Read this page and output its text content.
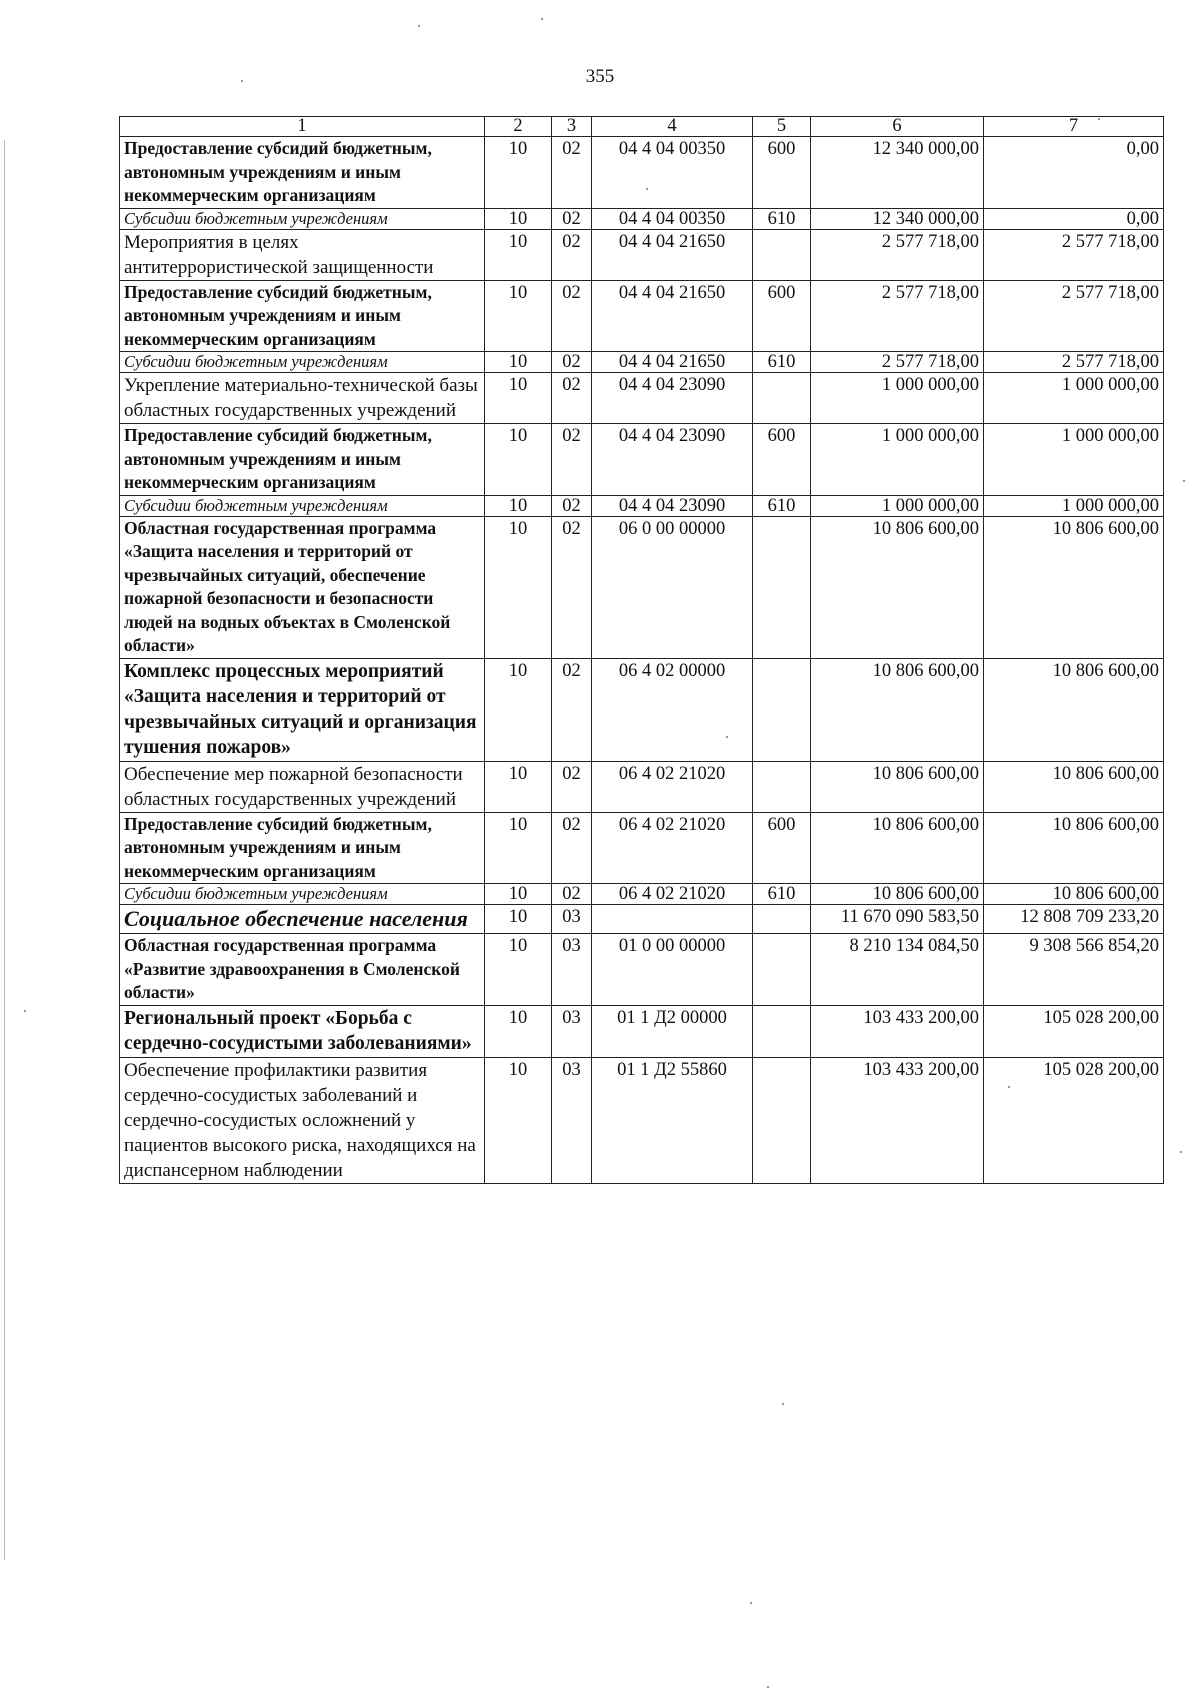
355
1	2	3	4	5	6	7
Предоставление субсидий бюджетным, автономным учреждениям и иным некоммерческим организациям	10	02	04 4 04 00350	600	12 340 000,00	0,00
Субсидии бюджетным учреждениям	10	02	04 4 04 00350	610	12 340 000,00	0,00
Мероприятия в целях антитеррористической защищенности	10	02	04 4 04 21650		2 577 718,00	2 577 718,00
Предоставление субсидий бюджетным, автономным учреждениям и иным некоммерческим организациям	10	02	04 4 04 21650	600	2 577 718,00	2 577 718,00
Субсидии бюджетным учреждениям	10	02	04 4 04 21650	610	2 577 718,00	2 577 718,00
Укрепление материально-технической базы областных государственных учреждений	10	02	04 4 04 23090		1 000 000,00	1 000 000,00
Предоставление субсидий бюджетным, автономным учреждениям и иным некоммерческим организациям	10	02	04 4 04 23090	600	1 000 000,00	1 000 000,00
Субсидии бюджетным учреждениям	10	02	04 4 04 23090	610	1 000 000,00	1 000 000,00
Областная государственная программа «Защита населения и территорий от чрезвычайных ситуаций, обеспечение пожарной безопасности и безопасности людей на водных объектах в Смоленской области»	10	02	06 0 00 00000		10 806 600,00	10 806 600,00
Комплекс процессных мероприятий «Защита населения и территорий от чрезвычайных ситуаций и организация тушения пожаров»	10	02	06 4 02 00000		10 806 600,00	10 806 600,00
Обеспечение мер пожарной безопасности областных государственных учреждений	10	02	06 4 02 21020		10 806 600,00	10 806 600,00
Предоставление субсидий бюджетным, автономным учреждениям и иным некоммерческим организациям	10	02	06 4 02 21020	600	10 806 600,00	10 806 600,00
Субсидии бюджетным учреждениям	10	02	06 4 02 21020	610	10 806 600,00	10 806 600,00
Социальное обеспечение населения	10	03			11 670 090 583,50	12 808 709 233,20
Областная государственная программа «Развитие здравоохранения в Смоленской области»	10	03	01 0 00 00000		8 210 134 084,50	9 308 566 854,20
Региональный проект «Борьба с сердечно-сосудистыми заболеваниями»	10	03	01 1 Д2 00000		103 433 200,00	105 028 200,00
Обеспечение профилактики развития сердечно-сосудистых заболеваний и сердечно-сосудистых осложнений у пациентов высокого риска, находящихся на диспансерном наблюдении	10	03	01 1 Д2 55860		103 433 200,00	105 028 200,00
